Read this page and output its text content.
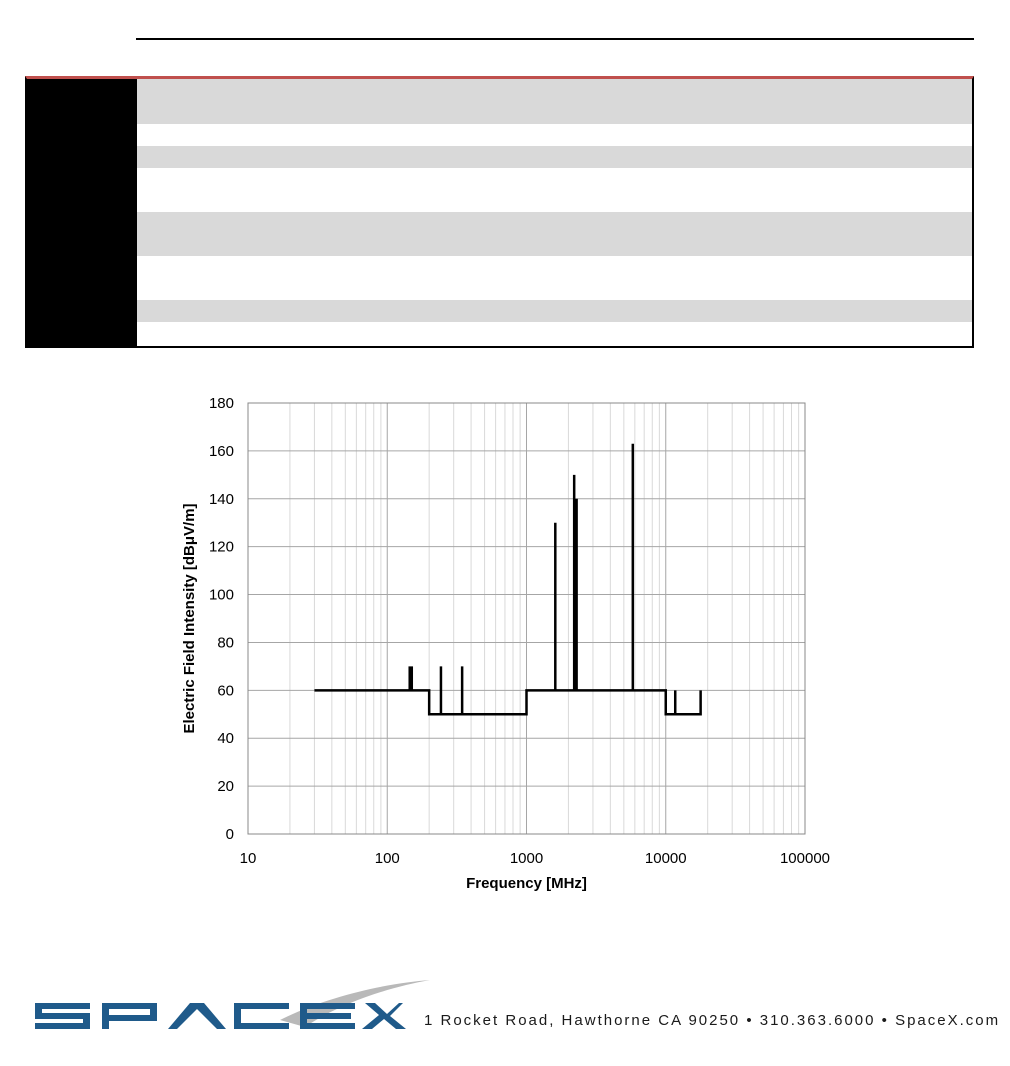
10	100	1000	10000	100000
0
20
40
60
80
100
120
140
160
180
Frequency [MHz]
Electric Field Intensity [dBμV/m]
1 Rocket Road, Hawthorne CA 90250 • 310.363.6000 • SpaceX.com
